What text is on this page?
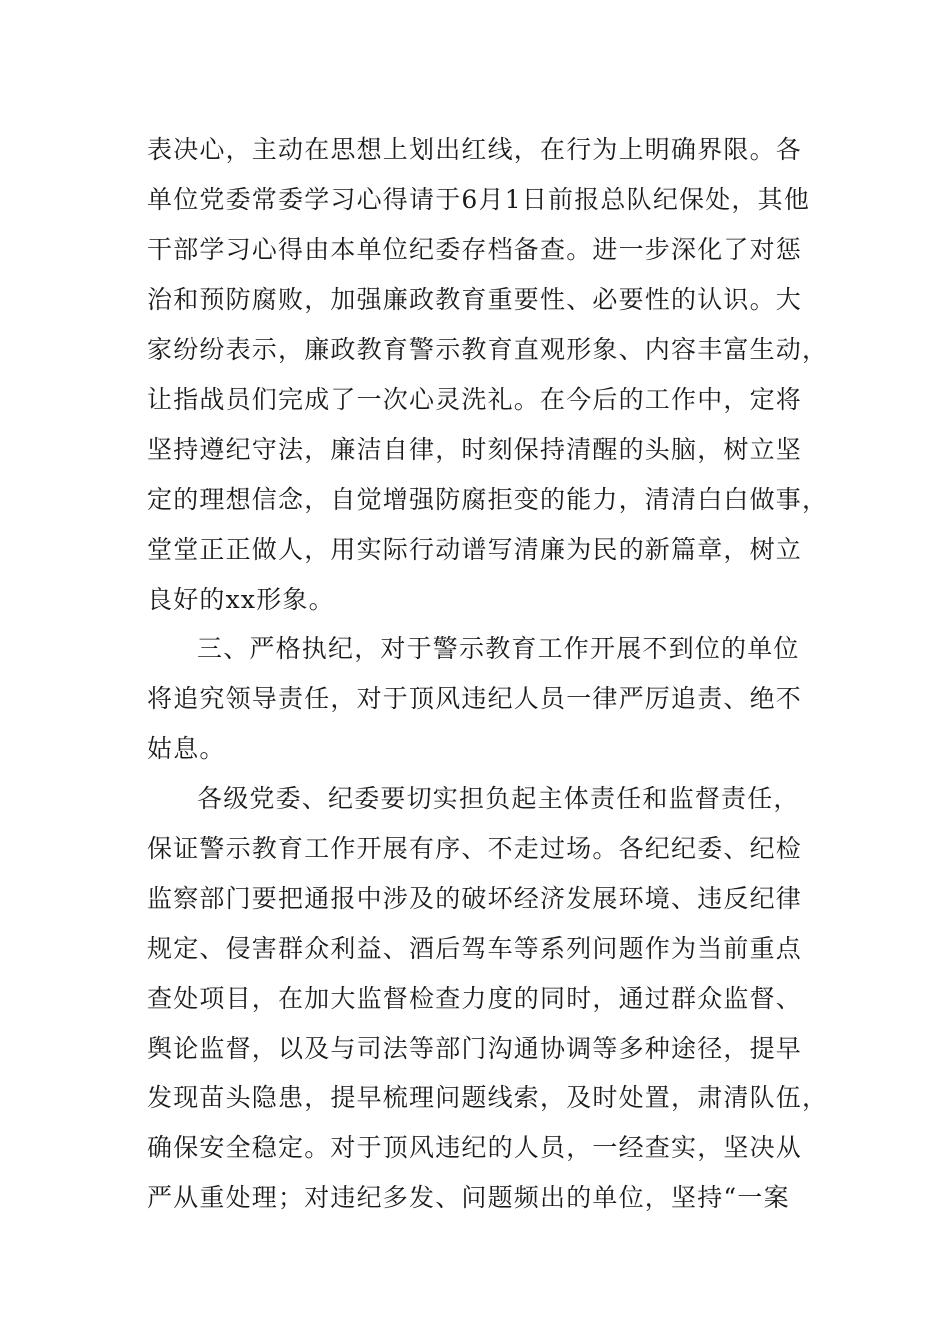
表决心，主动在思想上划出红线，在行为上明确界限。各
单位党委常委学习心得请于6月1日前报总队纪保处，其他
干部学习心得由本单位纪委存档备查。进一步深化了对惩
治和预防腐败，加强廉政教育重要性、必要性的认识。大
家纷纷表示，廉政教育警示教育直观形象、内容丰富生动，
让指战员们完成了一次心灵洗礼。在今后的工作中，定将
坚持遵纪守法，廉洁自律，时刻保持清醒的头脑，树立坚
定的理想信念，自觉增强防腐拒变的能力，清清白白做事，
堂堂正正做人，用实际行动谱写清廉为民的新篇章，树立
良好的xx形象。
三、严格执纪，对于警示教育工作开展不到位的单位
将追究领导责任，对于顶风违纪人员一律严厉追责、绝不
姑息。
各级党委、纪委要切实担负起主体责任和监督责任，
保证警示教育工作开展有序、不走过场。各纪纪委、纪检
监察部门要把通报中涉及的破坏经济发展环境、违反纪律
规定、侵害群众利益、酒后驾车等系列问题作为当前重点
查处项目，在加大监督检查力度的同时，通过群众监督、
舆论监督，以及与司法等部门沟通协调等多种途径，提早
发现苗头隐患，提早梳理问题线索，及时处置，肃清队伍，
确保安全稳定。对于顶风违纪的人员，一经查实，坚决从
严从重处理；对违纪多发、问题频出的单位，坚持“一案
